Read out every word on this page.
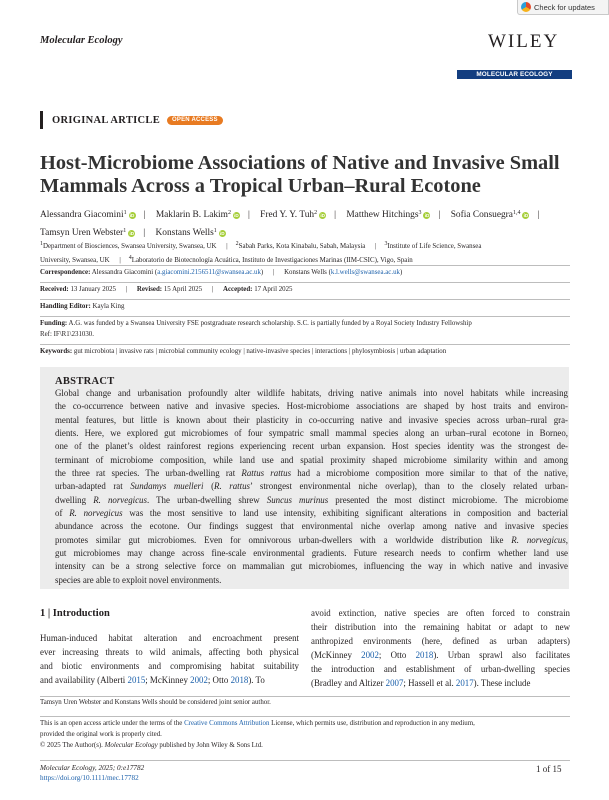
Check for updates
Molecular Ecology	WILEY
MOLECULAR ECOLOGY
ORIGINAL ARTICLE	OPEN ACCESS
Host-Microbiome Associations of Native and Invasive Small Mammals Across a Tropical Urban–Rural Ecotone
Alessandra Giacomini$^1$ iD | Maklarin B. Lakim$^2$ iD | Fred Y. Y. Tuh$^2$ iD | Matthew Hitchings$^3$ iD | Sofia Consuegra$^{1,4}$ iD | Tamsyn Uren Webster$^1$ iD | Konstans Wells$^1$ iD
$^1$Department of Biosciences, Swansea University, Swansea, UK | $^2$Sabah Parks, Kota Kinabalu, Sabah, Malaysia | $^3$Institute of Life Science, Swansea
University, Swansea, UK | $^4$Laboratorio de Biotecnología Acuática, Instituto de Investigaciones Marinas (IIM-CSIC), Vigo, Spain
Correspondence: Alessandra Giacomini (a.giacomini.2156511@swansea.ac.uk) | Konstans Wells (k.l.wells@swansea.ac.uk)
Received: 13 January 2025 | Revised: 15 April 2025 | Accepted: 17 April 2025
Handling Editor: Kayla King
Funding: A.G. was funded by a Swansea University FSE postgraduate research scholarship. S.C. is partially funded by a Royal Society Industry Fellowship
Ref: IF\R1\231030.
Keywords: gut microbiota | invasive rats | microbial community ecology | native-invasive species | interactions | phylosymbiosis | urban adaptation
ABSTRACT
Global change and urbanisation profoundly alter wildlife habitats, driving native animals into novel habitats while increasing
the co-occurrence between native and invasive species. Host-microbiome associations are shaped by host traits and environ-
mental features, but little is known about their plasticity in co-occurring native and invasive species across urban–rural gra-
dients. Here, we explored gut microbiomes of four sympatric small mammal species along an urban–rural ecotone in Borneo,
one of the planet’s oldest rainforest regions experiencing recent urban expansion. Host species identity was the strongest de-
terminant of microbiome composition, while land use and spatial proximity shaped microbiome similarity within and among
the three rat species. The urban-dwelling rat Rattus rattus had a microbiome composition more similar to that of the native,
urban-adapted rat Sundamys muelleri (R. rattus’ strongest environmental niche overlap), than to the closely related urban-
dwelling R. norvegicus. The urban-dwelling shrew Suncus murinus presented the most distinct microbiome. The microbiome
of R. norvegicus was the most sensitive to land use intensity, exhibiting significant alterations in composition and bacterial
abundance across the ecotone. Our findings suggest that environmental niche overlap among native and invasive species
promotes similar gut microbiomes. Even for omnivorous urban-dwellers with a worldwide distribution like R. norvegicus,
gut microbiomes may change across fine-scale environmental gradients. Future research needs to confirm whether land use
intensity can be a strong selective force on mammalian gut microbiomes, influencing the way in which native and invasive
species are able to exploit novel environments.
1 | Introduction
Human-induced habitat alteration and encroachment present
ever increasing threats to wild animals, affecting both physical
and biotic environments and compromising habitat suitability
and availability (Alberti 2015; McKinney 2002; Otto 2018). To
avoid extinction, native species are often forced to constrain
their distribution into the remaining habitat or adapt to new
anthropized environments (here, defined as urban adapters)
(McKinney 2002; Otto 2018). Urban sprawl also facilitates
the introduction and establishment of urban-dwelling species
(Bradley and Altizer 2007; Hassell et al. 2017). These include
Tamsyn Uren Webster and Konstans Wells should be considered joint senior author.
This is an open access article under the terms of the Creative Commons Attribution License, which permits use, distribution and reproduction in any medium,
provided the original work is properly cited.
© 2025 The Author(s). Molecular Ecology published by John Wiley & Sons Ltd.
Molecular Ecology, 2025; 0:e17782
https://doi.org/10.1111/mec.17782
1 of 15
